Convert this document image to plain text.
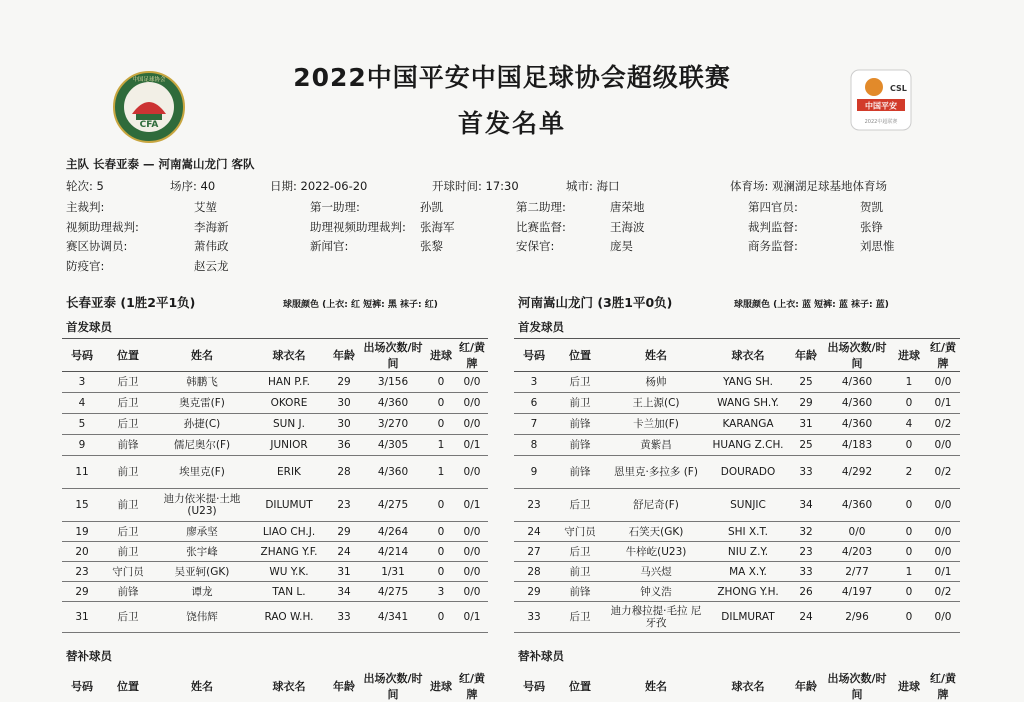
CFA
中国足球协会
CSL
中国平安
2022中超联赛
2022中国平安中国足球协会超级联赛
首发名单
主队 长春亚泰 — 河南嵩山龙门 客队
轮次: 5	场序: 40	日期: 2022-06-20	开球时间: 17:30	城市: 海口	体育场: 观澜湖足球基地体育场
主裁判:	艾堃	第一助理:	孙凯	第二助理:	唐荣地	第四官员:	贺凯
视频助理裁判:	李海新	助理视频助理裁判: 张海军	比赛监督:	王海波	裁判监督:	张铮
赛区协调员:	萧伟政	新闻官:	张黎	安保官:	庞昊	商务监督:	刘思惟
防疫官:	赵云龙
长春亚泰 (1胜2平1负)	球服颜色 (上衣: 红 短裤: 黑 袜子: 红)
首发球员
号码	位置	姓名	球衣名	年龄	出场次数/时间	进球	红/黄牌
3	后卫	韩鹏飞	HAN P.F.	29	3/156	0	0/0
4	后卫	奥克雷(F)	OKORE	30	4/360	0	0/0
5	后卫	孙捷(C)	SUN J.	30	3/270	0	0/0
9	前锋	儒尼奥尔(F)	JUNIOR	36	4/305	1	0/1
11	前卫	埃里克(F)	ERIK	28	4/360	1	0/0
15	前卫	迪力依米提·土地 (U23)	DILUMUT	23	4/275	0	0/1
19	后卫	廖承坚	LIAO CH.J.	29	4/264	0	0/0
20	前卫	张宇峰	ZHANG Y.F.	24	4/214	0	0/0
23	守门员	吴亚轲(GK)	WU Y.K.	31	1/31	0	0/0
29	前锋	谭龙	TAN L.	34	4/275	3	0/0
31	后卫	饶伟辉	RAO W.H.	33	4/341	0	0/1
替补球员
号码	位置	姓名	球衣名	年龄	出场次数/时间	进球	红/黄牌
河南嵩山龙门 (3胜1平0负)	球服颜色 (上衣: 蓝 短裤: 蓝 袜子: 蓝)
首发球员
号码	位置	姓名	球衣名	年龄	出场次数/时间	进球	红/黄牌
3	后卫	杨帅	YANG SH.	25	4/360	1	0/0
6	前卫	王上源(C)	WANG SH.Y.	29	4/360	0	0/1
7	前锋	卡兰加(F)	KARANGA	31	4/360	4	0/2
8	前锋	黄紫昌	HUANG Z.CH.	25	4/183	0	0/0
9	前锋	恩里克·多拉多 (F)	DOURADO	33	4/292	2	0/2
23	后卫	舒尼奇(F)	SUNJIC	34	4/360	0	0/0
24	守门员	石笑天(GK)	SHI X.T.	32	0/0	0	0/0
27	后卫	牛梓屹(U23)	NIU Z.Y.	23	4/203	0	0/0
28	前卫	马兴煜	MA X.Y.	33	2/77	1	0/1
29	前锋	钟义浩	ZHONG Y.H.	26	4/197	0	0/2
33	后卫	迪力穆拉提·毛拉 尼牙孜	DILMURAT	24	2/96	0	0/0
替补球员
号码	位置	姓名	球衣名	年龄	出场次数/时间	进球	红/黄牌
